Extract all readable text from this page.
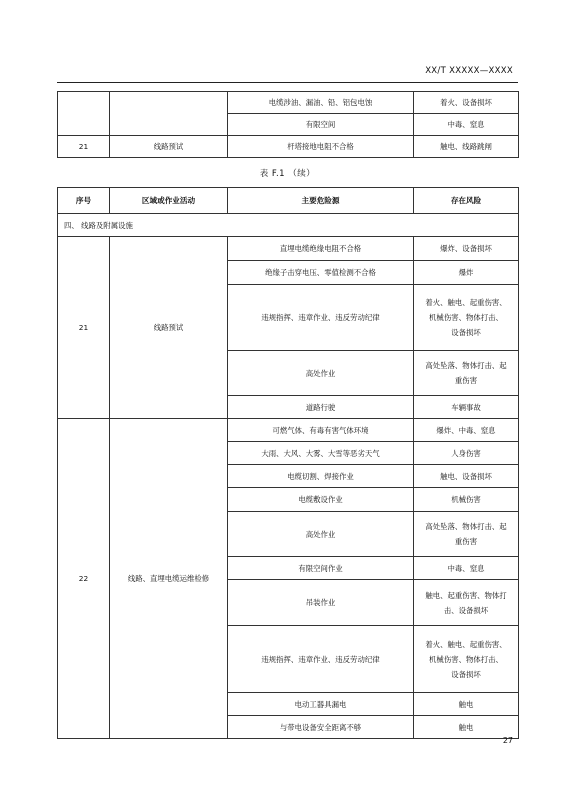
XX/T XXXXX—XXXX
		电缆涉油、漏油、铅、铝包电蚀	着火、设备损坏
		有限空间	中毒、窒息
21	线路预试	杆塔接地电阻不合格	触电、线路跳闸
表 F.1 （续）
序号	区域或作业活动	主要危险源	存在风险
四、 线路及附属设施			
21	线路预试	直埋电缆绝缘电阻不合格	爆炸、设备损坏

		绝缘子击穿电压、零值检测不合格	爆炸

		违规指挥、违章作业、违反劳动纪律	着火、触电、起重伤害、
机械伤害、物体打击、
设备损坏

		高处作业	高处坠落、物体打击、起
重伤害

		道路行驶	车辆事故

22	线路、直埋电缆运维检修	可燃气体、有毒有害气体环境	爆炸、中毒、窒息

		大雨、大风、大雾、大雪等恶劣天气	人身伤害

		电缆切割、焊接作业	触电、设备损坏

		电缆敷设作业	机械伤害

		高处作业	高处坠落、物体打击、起
重伤害

		有限空间作业	中毒、窒息

		吊装作业	触电、起重伤害、物体打
击、设备损坏

		违规指挥、违章作业、违反劳动纪律	着火、触电、起重伤害、
机械伤害、物体打击、
设备损坏

		电动工器具漏电	触电

		与带电设备安全距离不够	触电
27
